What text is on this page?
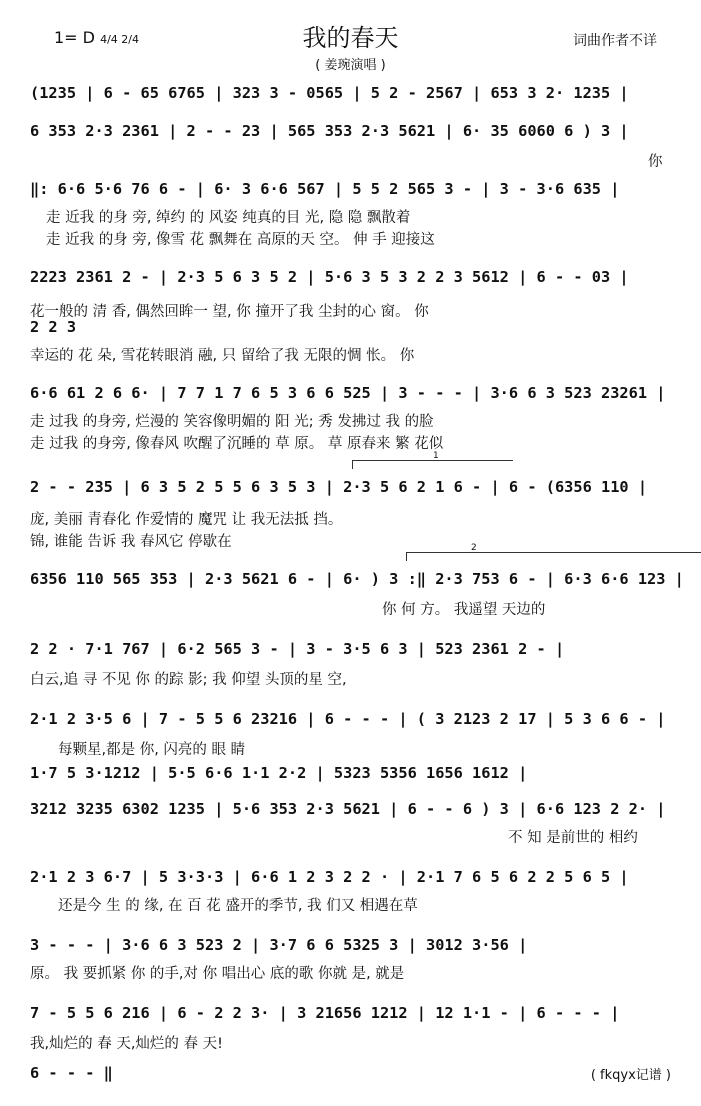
1= D 4/4 2/4	我的春天
( 姜琬演唱 )
词曲作者不详
(1235 | 6 - 65 6765 | 323 3 - 0565 | 5 2 - 2567 | 653 3 2· 1235 |
6 353 2·3 2361 | 2 - - 23 | 565 353 2·3 5621 | 6· 35 6060 6 ) 3 |
你
‖: 6·6 5·6 76 6 - | 6· 3 6·6 567 | 5 5 2 565 3 - | 3 - 3·6 635 |
走 近我 的身 旁, 绰约 的 风姿 纯真的目 光, 隐 隐 飘散着
走 近我 的身 旁, 像雪 花 飘舞在 高原的天 空。 伸 手 迎接这
2223 2361 2 - | 2·3 5 6 3 5 2 | 5·6 3 5 3 2 2 3 5612 | 6 - - 03 |
花一般的 清 香, 偶然回眸一 望, 你 撞开了我 尘封的心 窗。 你
2 2 3
幸运的 花 朵, 雪花转眼消 融, 只 留给了我 无限的惆 怅。 你
6·6 61 2 6 6· | 7 7 1 7 6 5 3 6 6 525 | 3 - - - | 3·6 6 3 523 23261 |
走 过我 的身旁, 烂漫的 笑容像明媚的 阳 光; 秀 发拂过 我 的脸
走 过我 的身旁, 像春风 吹醒了沉睡的 草 原。 草 原春来 繁 花似
1
2 - - 235 | 6 3 5 2 5 5 6 3 5 3 | 2·3 5 6 2 1 6 - | 6 - (6356 110 |
庞, 美丽 青春化 作爱情的 魔咒 让 我无法抵 挡。
锦, 谁能 告诉 我 春风它 停歇在	2
6356 110 565 353 | 2·3 5621 6 - | 6· ) 3 :‖ 2·3 753 6 - | 6·3 6·6 123 |
你 何 方。 我遥望 天边的
2 2 · 7·1 767 | 6·2 565 3 - | 3 - 3·5 6 3 | 523 2361 2 - |
白云,追 寻 不见 你 的踪 影; 我 仰望 头顶的星 空,
2·1 2 3·5 6 | 7 - 5 5 6 23216 | 6 - - - | ( 3 2123 2 17 | 5 3 6 6 - |
每颗星,都是 你, 闪亮的 眼 睛
1·7 5 3·1212 | 5·5 6·6 1·1 2·2 | 5323 5356 1656 1612 |
3212 3235 6302 1235 | 5·6 353 2·3 5621 | 6 - - 6 ) 3 | 6·6 123 2 2· |
不 知 是前世的 相约
2·1 2 3 6·7 | 5 3·3·3 | 6·6 1 2 3 2 2 · | 2·1 7 6 5 6 2 2 5 6 5 |
还是今 生 的 缘, 在 百 花 盛开的季节, 我 们又 相遇在草
3 - - - | 3·6 6 3 523 2 | 3·7 6 6 5325 3 | 3012 3·56 |
原。 我 要抓紧 你 的手,对 你 唱出心 底的歌 你就 是, 就是
7 - 5 5 6 216 | 6 - 2 2 3· | 3 21656 1212 | 12 1·1 - | 6 - - - |
我,灿烂的 春 天,灿烂的 春 天!
6 - - - ‖	( fkqyx记谱 )
